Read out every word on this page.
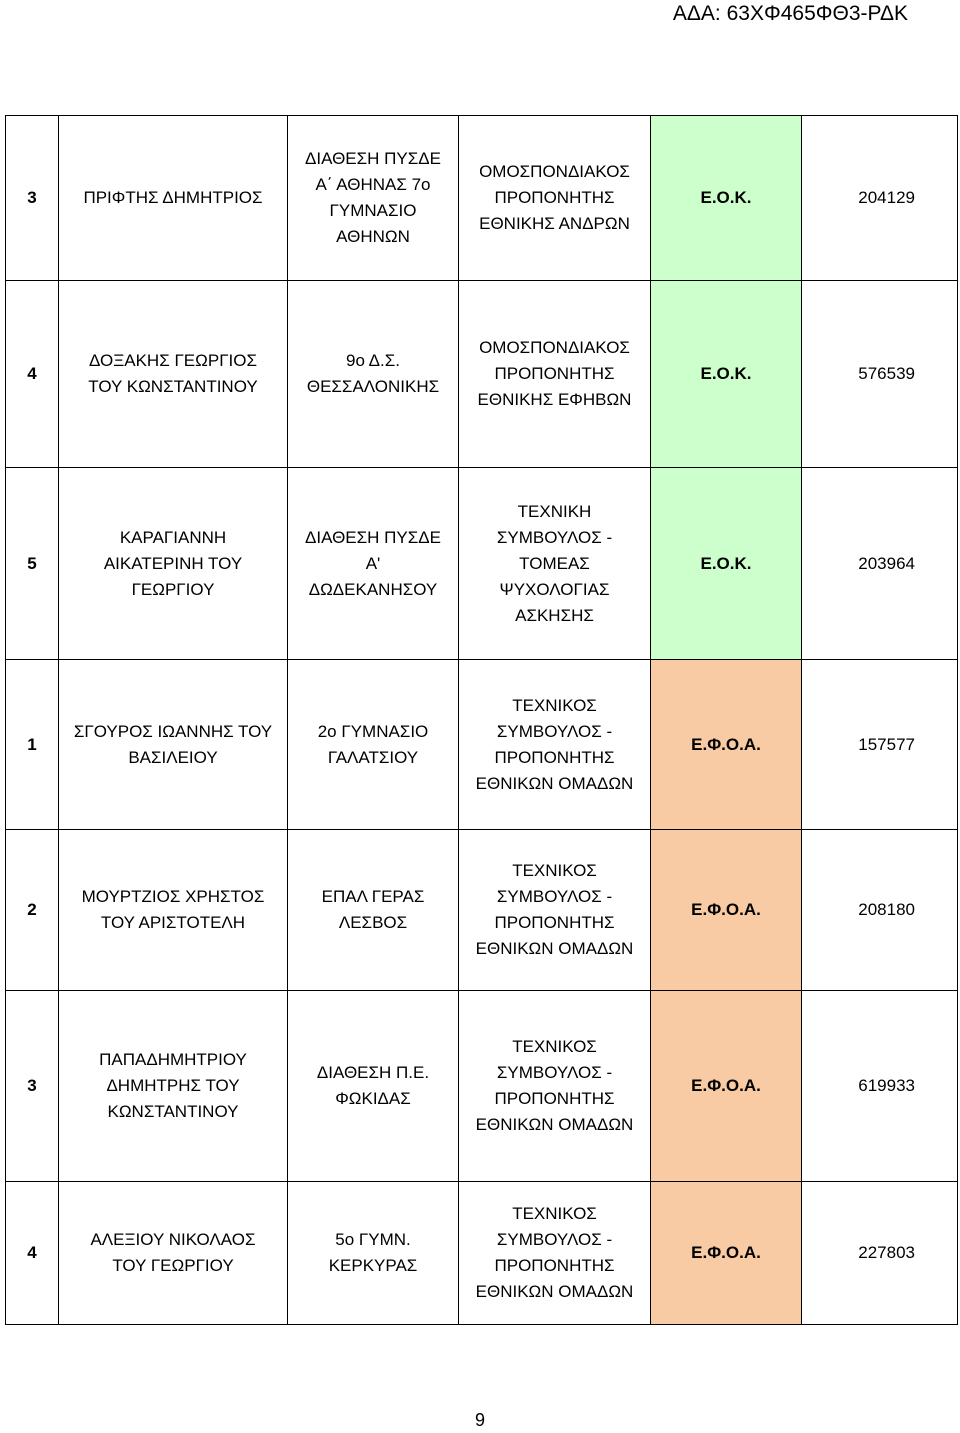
ΑΔΑ: 63ΧΦ465ΦΘ3-ΡΔΚ
3	ΠΡΙΦΤΗΣ ΔΗΜΗΤΡΙΟΣ	ΔΙΑΘΕΣΗ ΠΥΣΔΕ
Α΄ ΑΘΗΝΑΣ 7ο
ΓΥΜΝΑΣΙΟ
ΑΘΗΝΩΝ	ΟΜΟΣΠΟΝΔΙΑΚΟΣ
ΠΡΟΠΟΝΗΤΗΣ
ΕΘΝΙΚΗΣ ΑΝΔΡΩΝ	Ε.Ο.Κ.	204129
4	ΔΟΞΑΚΗΣ ΓΕΩΡΓΙΟΣ
ΤΟΥ ΚΩΝΣΤΑΝΤΙΝΟΥ	9ο Δ.Σ.
ΘΕΣΣΑΛΟΝΙΚΗΣ	ΟΜΟΣΠΟΝΔΙΑΚΟΣ
ΠΡΟΠΟΝΗΤΗΣ
ΕΘΝΙΚΗΣ ΕΦΗΒΩΝ	Ε.Ο.Κ.	576539
5	ΚΑΡΑΓΙΑΝΝΗ
ΑΙΚΑΤΕΡΙΝΗ ΤΟΥ
ΓΕΩΡΓΙΟΥ	ΔΙΑΘΕΣΗ ΠΥΣΔΕ
Α'
ΔΩΔΕΚΑΝΗΣΟΥ	ΤΕΧΝΙΚΗ
ΣΥΜΒΟΥΛΟΣ -
ΤΟΜΕΑΣ
ΨΥΧΟΛΟΓΙΑΣ
ΑΣΚΗΣΗΣ	Ε.Ο.Κ.	203964
1	ΣΓΟΥΡΟΣ ΙΩΑΝΝΗΣ ΤΟΥ
ΒΑΣΙΛΕΙΟΥ	2ο ΓΥΜΝΑΣΙΟ
ΓΑΛΑΤΣΙΟΥ	ΤΕΧΝΙΚΟΣ
ΣΥΜΒΟΥΛΟΣ -
ΠΡΟΠΟΝΗΤΗΣ
ΕΘΝΙΚΩΝ ΟΜΑΔΩΝ	Ε.Φ.Ο.Α.	157577
2	ΜΟΥΡΤΖΙΟΣ ΧΡΗΣΤΟΣ
ΤΟΥ ΑΡΙΣΤΟΤΕΛΗ	ΕΠΑΛ ΓΕΡΑΣ
ΛΕΣΒΟΣ	ΤΕΧΝΙΚΟΣ
ΣΥΜΒΟΥΛΟΣ -
ΠΡΟΠΟΝΗΤΗΣ
ΕΘΝΙΚΩΝ ΟΜΑΔΩΝ	Ε.Φ.Ο.Α.	208180
3	ΠΑΠΑΔΗΜΗΤΡΙΟΥ
ΔΗΜΗΤΡΗΣ ΤΟΥ
ΚΩΝΣΤΑΝΤΙΝΟΥ	ΔΙΑΘΕΣΗ Π.Ε.
ΦΩΚΙΔΑΣ	ΤΕΧΝΙΚΟΣ
ΣΥΜΒΟΥΛΟΣ -
ΠΡΟΠΟΝΗΤΗΣ
ΕΘΝΙΚΩΝ ΟΜΑΔΩΝ	Ε.Φ.Ο.Α.	619933
4	ΑΛΕΞΙΟΥ ΝΙΚΟΛΑΟΣ
ΤΟΥ ΓΕΩΡΓΙΟΥ	5ο ΓΥΜΝ.
ΚΕΡΚΥΡΑΣ	ΤΕΧΝΙΚΟΣ
ΣΥΜΒΟΥΛΟΣ -
ΠΡΟΠΟΝΗΤΗΣ
ΕΘΝΙΚΩΝ ΟΜΑΔΩΝ	Ε.Φ.Ο.Α.	227803
9
